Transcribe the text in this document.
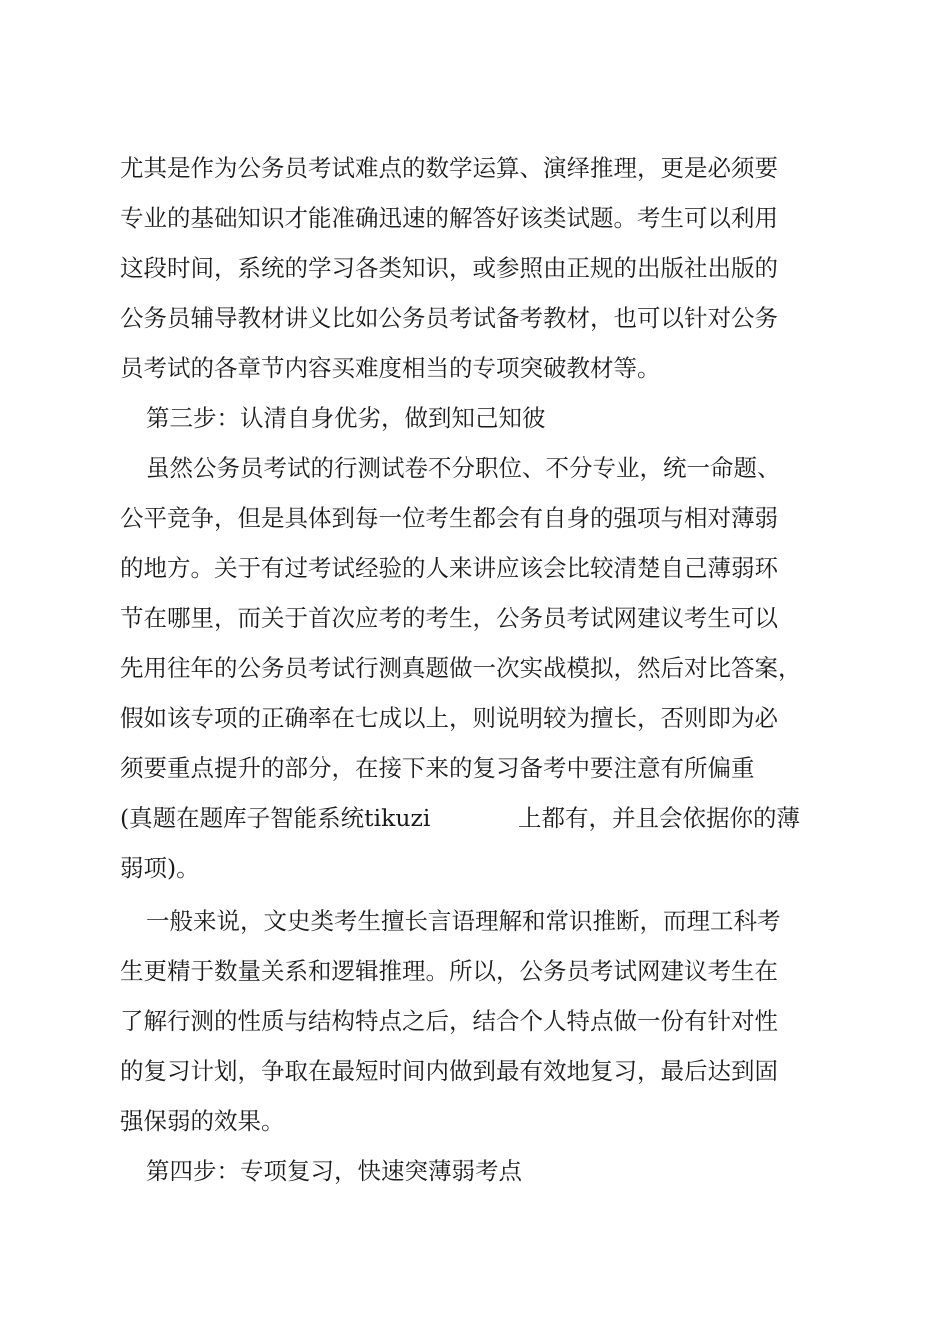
尤其是作为公务员考试难点的数学运算、演绎推理，更是必须要
专业的基础知识才能准确迅速的解答好该类试题。考生可以利用
这段时间，系统的学习各类知识，或参照由正规的出版社出版的
公务员辅导教材讲义比如公务员考试备考教材，也可以针对公务
员考试的各章节内容买难度相当的专项突破教材等。
第三步：认清自身优劣，做到知己知彼
虽然公务员考试的行测试卷不分职位、不分专业，统一命题、
公平竞争，但是具体到每一位考生都会有自身的强项与相对薄弱
的地方。关于有过考试经验的人来讲应该会比较清楚自己薄弱环
节在哪里，而关于首次应考的考生，公务员考试网建议考生可以
先用往年的公务员考试行测真题做一次实战模拟，然后对比答案，
假如该专项的正确率在七成以上，则说明较为擅长，否则即为必
须要重点提升的部分，在接下来的复习备考中要注意有所偏重
(真题在题库子智能系统tikuzi	上都有，并且会依据你的薄
弱项)。
一般来说，文史类考生擅长言语理解和常识推断，而理工科考
生更精于数量关系和逻辑推理。所以，公务员考试网建议考生在
了解行测的性质与结构特点之后，结合个人特点做一份有针对性
的复习计划，争取在最短时间内做到最有效地复习，最后达到固
强保弱的效果。
第四步：专项复习，快速突薄弱考点
